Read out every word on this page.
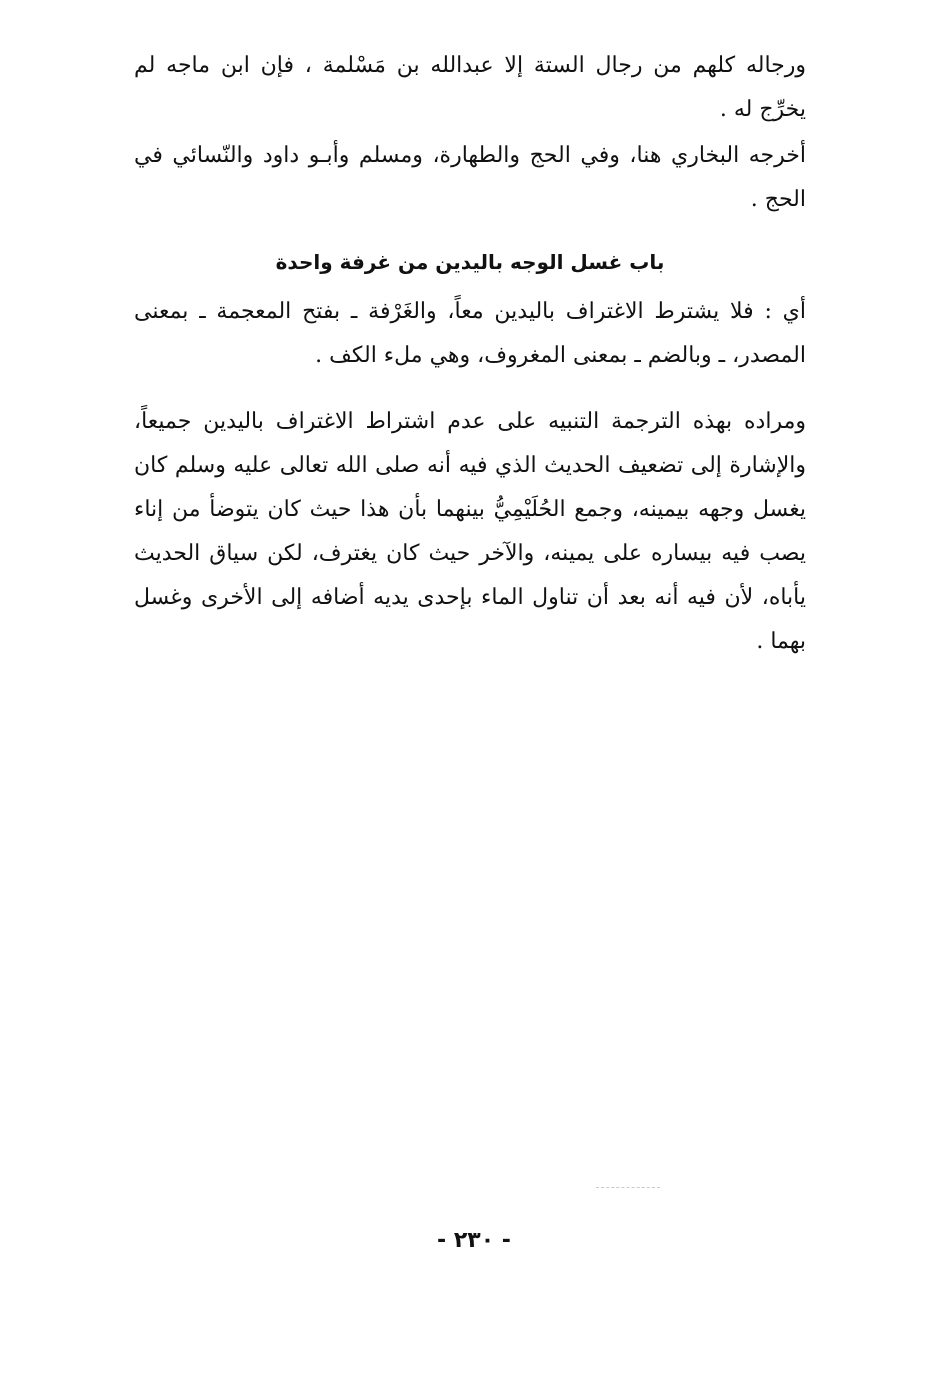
ورجاله كلهم من رجال الستة إلا عبدالله بن مَسْلمة ، فإن ابن ماجه لم يخرِّج له .

أخرجه البخاري هنا، وفي الحج والطهارة، ومسلم وأبـو داود والنّسائي في الحج .

باب غسل الوجه باليدين من غرفة واحدة

أي : فلا يشترط الاغتراف باليدين معاً، والغَرْفة ـ بفتح المعجمة ـ بمعنى المصدر، ـ وبالضم ـ بمعنى المغروف، وهي ملء الكف .

ومراده بهذه الترجمة التنبيه على عدم اشتراط الاغتراف باليدين جميعاً، والإشارة إلى تضعيف الحديث الذي فيه أنه صلى الله تعالى عليه وسلم كان يغسل وجهه بيمينه، وجمع الحُلَيْمِيُّ بينهما بأن هذا حيث كان يتوضأ من إناء يصب فيه بيساره على يمينه، والآخر حيث كان يغترف، لكن سياق الحديث يأباه، لأن فيه أنه بعد أن تناول الماء بإحدى يديه أضافه إلى الأخرى وغسل بهما .

- ٢٣٠ -
